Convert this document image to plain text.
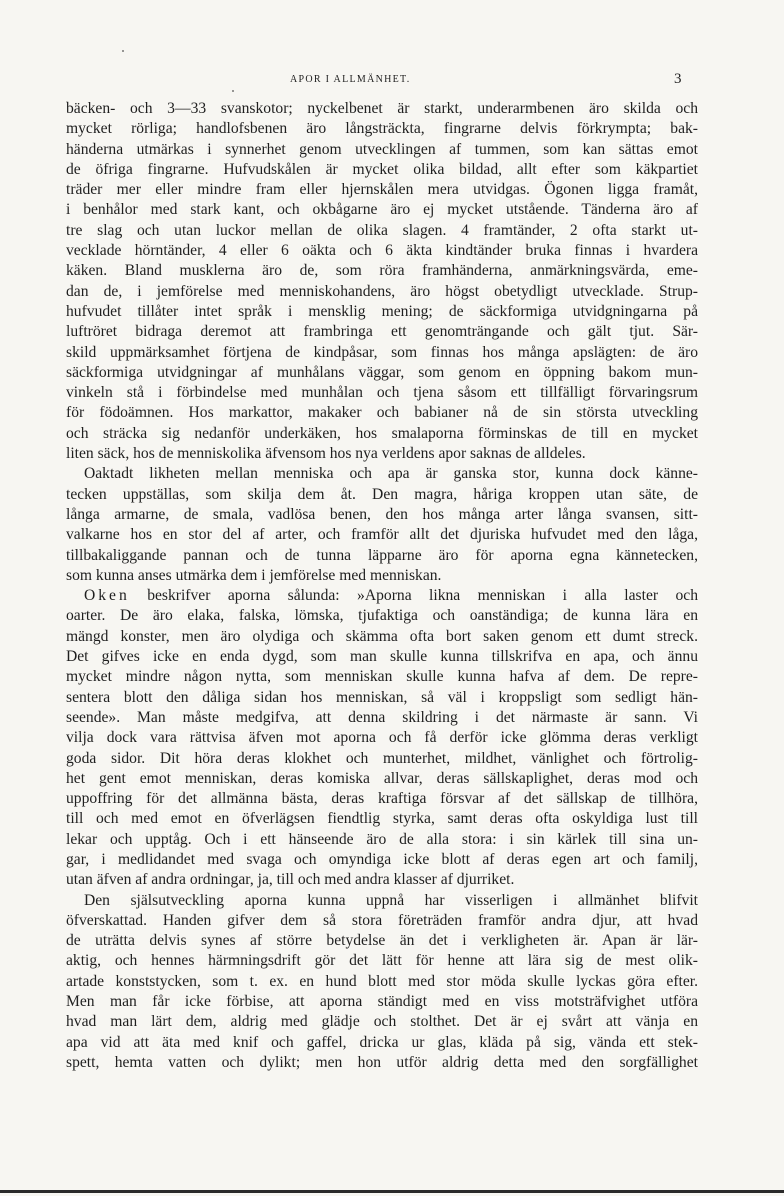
APOR I ALLMÄNHET.	3
bäcken- och 3—33 svanskotor; nyckelbenet är starkt, underarmbenen äro skilda och
mycket rörliga; handlofsbenen äro långsträckta, fingrarne delvis förkrympta; bak-
händerna utmärkas i synnerhet genom utvecklingen af tummen, som kan sättas emot
de öfriga fingrarne. Hufvudskålen är mycket olika bildad, allt efter som käkpartiet
träder mer eller mindre fram eller hjernskålen mera utvidgas. Ögonen ligga framåt,
i benhålor med stark kant, och okbågarne äro ej mycket utstående. Tänderna äro af
tre slag och utan luckor mellan de olika slagen. 4 framtänder, 2 ofta starkt ut-
vecklade hörntänder, 4 eller 6 oäkta och 6 äkta kindtänder bruka finnas i hvardera
käken. Bland musklerna äro de, som röra framhänderna, anmärkningsvärda, eme-
dan de, i jemförelse med menniskohandens, äro högst obetydligt utvecklade. Strup-
hufvudet tillåter intet språk i mensklig mening; de säckformiga utvidgningarna på
luftröret bidraga deremot att frambringa ett genomträngande och gält tjut. Sär-
skild uppmärksamhet förtjena de kindpåsar, som finnas hos många apslägten: de äro
säckformiga utvidgningar af munhålans väggar, som genom en öppning bakom mun-
vinkeln stå i förbindelse med munhålan och tjena såsom ett tillfälligt förvaringsrum
för födoämnen. Hos markattor, makaker och babianer nå de sin största utveckling
och sträcka sig nedanför underkäken, hos smalaporna förminskas de till en mycket
liten säck, hos de menniskolika äfvensom hos nya verldens apor saknas de alldeles.
Oaktadt likheten mellan menniska och apa är ganska stor, kunna dock känne-
tecken uppställas, som skilja dem åt. Den magra, håriga kroppen utan säte, de
långa armarne, de smala, vadlösa benen, den hos många arter långa svansen, sitt-
valkarne hos en stor del af arter, och framför allt det djuriska hufvudet med den låga,
tillbakaliggande pannan och de tunna läpparne äro för aporna egna kännetecken,
som kunna anses utmärka dem i jemförelse med menniskan.
Oken beskrifver aporna sålunda: »Aporna likna menniskan i alla laster och
oarter. De äro elaka, falska, lömska, tjufaktiga och oanständiga; de kunna lära en
mängd konster, men äro olydiga och skämma ofta bort saken genom ett dumt streck.
Det gifves icke en enda dygd, som man skulle kunna tillskrifva en apa, och ännu
mycket mindre någon nytta, som menniskan skulle kunna hafva af dem. De repre-
sentera blott den dåliga sidan hos menniskan, så väl i kroppsligt som sedligt hän-
seende». Man måste medgifva, att denna skildring i det närmaste är sann. Vi
vilja dock vara rättvisa äfven mot aporna och få derför icke glömma deras verkligt
goda sidor. Dit höra deras klokhet och munterhet, mildhet, vänlighet och förtrolig-
het gent emot menniskan, deras komiska allvar, deras sällskaplighet, deras mod och
uppoffring för det allmänna bästa, deras kraftiga försvar af det sällskap de tillhöra,
till och med emot en öfverlägsen fiendtlig styrka, samt deras ofta oskyldiga lust till
lekar och upptåg. Och i ett hänseende äro de alla stora: i sin kärlek till sina un-
gar, i medlidandet med svaga och omyndiga icke blott af deras egen art och familj,
utan äfven af andra ordningar, ja, till och med andra klasser af djurriket.
Den själsutveckling aporna kunna uppnå har visserligen i allmänhet blifvit
öfverskattad. Handen gifver dem så stora företräden framför andra djur, att hvad
de uträtta delvis synes af större betydelse än det i verkligheten är. Apan är lär-
aktig, och hennes härmningsdrift gör det lätt för henne att lära sig de mest olik-
artade konststycken, som t. ex. en hund blott med stor möda skulle lyckas göra efter.
Men man får icke förbise, att aporna ständigt med en viss motsträfvighet utföra
hvad man lärt dem, aldrig med glädje och stolthet. Det är ej svårt att vänja en
apa vid att äta med knif och gaffel, dricka ur glas, kläda på sig, vända ett stek-
spett, hemta vatten och dylikt; men hon utför aldrig detta med den sorgfällighet
